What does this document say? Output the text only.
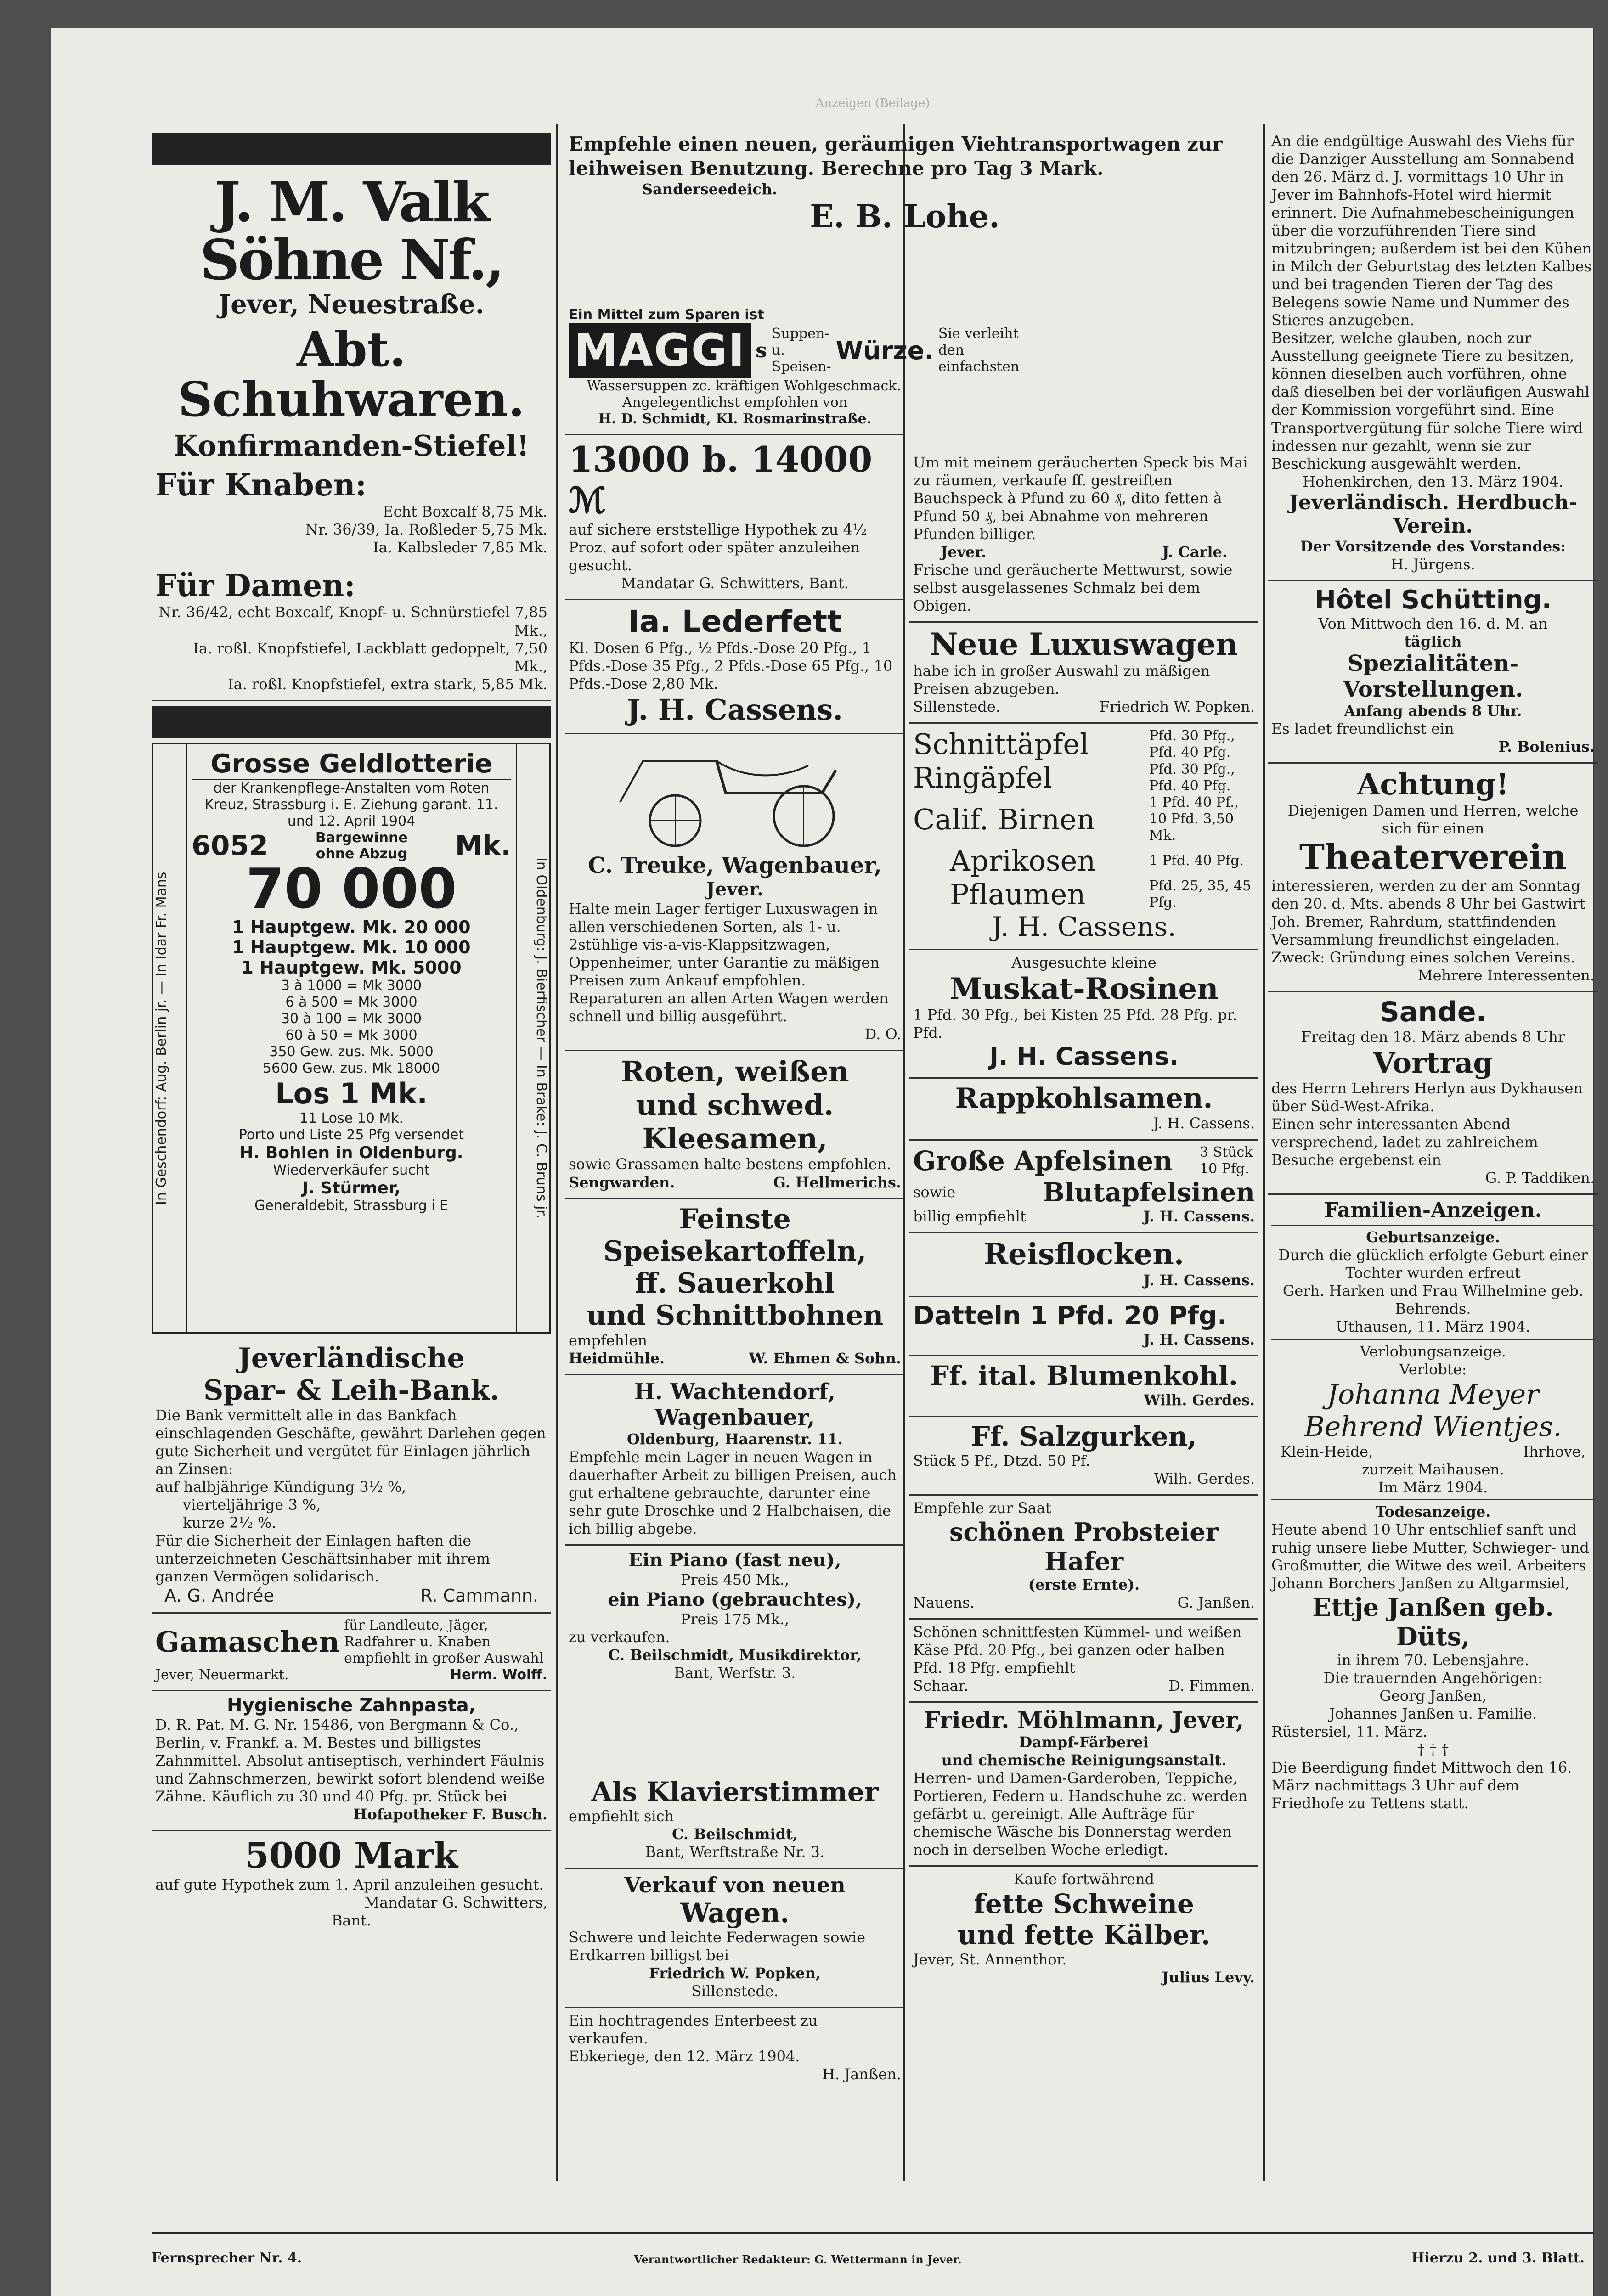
Anzeigen (Beilage)
J. M. Valk Söhne Nf.,
Jever, Neuestraße.
Abt. Schuhwaren.
Konfirmanden-Stiefel!
Für Knaben:
Echt Boxcalf 8,75 Mk.
Nr. 36/39, Ia. Roßleder 5,75 Mk.
Ia. Kalbsleder 7,85 Mk.
Für Damen:
Nr. 36/42, echt Boxcalf, Knopf- u. Schnürstiefel 7,85 Mk.,
Ia. roßl. Knopfstiefel, Lackblatt gedoppelt, 7,50 Mk.,
Ia. roßl. Knopfstiefel, extra stark, 5,85 Mk.
In Geschendorf: Aug. Berlin jr. — In Idar Fr. Mans
Grosse Geldlotterie
der Krankenpflege-Anstalten vom Roten Kreuz, Strassburg i. E. Ziehung garant. 11. und 12. April 1904
6052	Bargewinne ohne Abzug Mk.
70 000
1 Hauptgew. Mk. 20 000
1 Hauptgew. Mk. 10 000
1 Hauptgew. Mk. 5000
3 à 1000 = Mk 3000
6 à 500 = Mk 3000
30 à 100 = Mk 3000
60 à 50 = Mk 3000
350 Gew. zus. Mk. 5000
5600 Gew. zus. Mk 18000
Los 1 Mk.
11 Lose 10 Mk.
Porto und Liste 25 Pfg versendet
H. Bohlen in Oldenburg.
Wiederverkäufer sucht
J. Stürmer,
Generaldebit, Strassburg i E	In Oldenburg: J. Bierfischer — In Brake: J. C. Bruns jr.
Jeverländische
Spar- & Leih-Bank.
Die Bank vermittelt alle in das Bankfach einschlagenden Geschäfte, gewährt Darlehen gegen gute Sicherheit und vergütet für Einlagen jährlich an Zinsen:
auf halbjährige Kündigung 3½ %,
vierteljährige 3 %,
kurze 2½ %.
Für die Sicherheit der Einlagen haften die unterzeichneten Geschäftsinhaber mit ihrem ganzen Vermögen solidarisch.
A. G. Andrée	R. Cammann.
Gamaschen für Landleute, Jäger, Radfahrer u. Knaben empfiehlt in großer Auswahl
Jever, Neuermarkt.	Herm. Wolff.
Hygienische Zahnpasta,
D. R. Pat. M. G. Nr. 15486, von Bergmann & Co., Berlin, v. Frankf. a. M. Bestes und billigstes Zahnmittel. Absolut antiseptisch, verhindert Fäulnis und Zahnschmerzen, bewirkt sofort blendend weiße Zähne. Käuflich zu 30 und 40 Pfg. pr. Stück bei
Hofapotheker F. Busch.
5000 Mark
auf gute Hypothek zum 1. April anzuleihen gesucht.
Mandatar G. Schwitters,
Bant.
Empfehle einen neuen, geräumigen Viehtransportwagen zur leihweisen Benutzung. Berechne pro Tag 3 Mark.
Sanderseedeich.
E. B. Lohe.
Ein Mittel zum Sparen ist
MAGGI s
Suppen- u. Speisen-
Würze.
Sie verleiht den einfachsten
Wassersuppen zc. kräftigen Wohlgeschmack.
Angelegentlichst empfohlen von
H. D. Schmidt, Kl. Rosmarinstraße.
13000 b. 14000 ℳ
auf sichere erststellige Hypothek zu 4½ Proz. auf sofort oder später anzuleihen gesucht.
Mandatar G. Schwitters, Bant.
Ia. Lederfett
Kl. Dosen 6 Pfg., ½ Pfds.-Dose 20 Pfg., 1 Pfds.-Dose 35 Pfg., 2 Pfds.-Dose 65 Pfg., 10 Pfds.-Dose 2,80 Mk.
J. H. Cassens.
C. Treuke, Wagenbauer,
Jever.
Halte mein Lager fertiger Luxuswagen in allen verschiedenen Sorten, als 1- u. 2stühlige vis-a-vis-Klappsitzwagen, Oppenheimer, unter Garantie zu mäßigen Preisen zum Ankauf empfohlen.
Reparaturen an allen Arten Wagen werden schnell und billig ausgeführt.
D. O.
Roten, weißen
und schwed. Kleesamen,
sowie Grassamen halte bestens empfohlen.
Sengwarden.	G. Hellmerichs.
Feinste Speisekartoffeln,
ff. Sauerkohl
und Schnittbohnen
empfehlen
Heidmühle.	W. Ehmen & Sohn.
H. Wachtendorf, Wagenbauer,
Oldenburg, Haarenstr. 11.
Empfehle mein Lager in neuen Wagen in dauerhafter Arbeit zu billigen Preisen, auch gut erhaltene gebrauchte, darunter eine sehr gute Droschke und 2 Halbchaisen, die ich billig abgebe.
Ein Piano (fast neu),
Preis 450 Mk.,
ein Piano (gebrauchtes),
Preis 175 Mk.,
zu verkaufen.
C. Beilschmidt, Musikdirektor,
Bant, Werfstr. 3.
Um mit meinem geräucherten Speck bis Mai zu räumen, verkaufe ff. gestreiften Bauchspeck à Pfund zu 60 ₰, dito fetten à Pfund 50 ₰, bei Abnahme von mehreren Pfunden billiger.
Jever.	J. Carle.
Frische und geräucherte Mettwurst, sowie selbst ausgelassenes Schmalz bei dem Obigen.
Neue Luxuswagen
habe ich in großer Auswahl zu mäßigen Preisen abzugeben.
Sillenstede.	Friedrich W. Popken.
Schnittäpfel	Pfd. 30 Pfg., Pfd. 40 Pfg.
Ringäpfel	Pfd. 30 Pfg., Pfd. 40 Pfg.
Calif. Birnen	1 Pfd. 40 Pf., 10 Pfd. 3,50 Mk.
Aprikosen	1 Pfd. 40 Pfg.
Pflaumen	Pfd. 25, 35, 45 Pfg.
J. H. Cassens.
Ausgesuchte kleine
Muskat-Rosinen
1 Pfd. 30 Pfg., bei Kisten 25 Pfd. 28 Pfg. pr. Pfd.
J. H. Cassens.
Rappkohlsamen.
J. H. Cassens.
Große Apfelsinen 3 Stück 10 Pfg.
sowie	Blutapfelsinen
billig empfiehlt	J. H. Cassens.
Reisflocken.
J. H. Cassens.
Datteln 1 Pfd. 20 Pfg.
J. H. Cassens.
Ff. ital. Blumenkohl.
Wilh. Gerdes.
Ff. Salzgurken,
Stück 5 Pf., Dtzd. 50 Pf.
Wilh. Gerdes.
Empfehle zur Saat
schönen Probsteier Hafer
(erste Ernte).
Nauens.	G. Janßen.
Schönen schnittfesten Kümmel- und weißen Käse Pfd. 20 Pfg., bei ganzen oder halben Pfd. 18 Pfg. empfiehlt
Schaar.	D. Fimmen.
Friedr. Möhlmann, Jever,
Dampf-Färberei
und chemische Reinigungsanstalt.
Herren- und Damen-Garderoben, Teppiche, Portieren, Federn u. Handschuhe zc. werden gefärbt u. gereinigt. Alle Aufträge für chemische Wäsche bis Donnerstag werden noch in derselben Woche erledigt.
Kaufe fortwährend
fette Schweine
und fette Kälber.
Jever, St. Annenthor.
Julius Levy.
An die endgültige Auswahl des Viehs für die Danziger Ausstellung am Sonnabend den 26. März d. J. vormittags 10 Uhr in Jever im Bahnhofs-Hotel wird hiermit erinnert. Die Aufnahmebescheinigungen über die vorzuführenden Tiere sind mitzubringen; außerdem ist bei den Kühen in Milch der Geburtstag des letzten Kalbes und bei tragenden Tieren der Tag des Belegens sowie Name und Nummer des Stieres anzugeben.
Besitzer, welche glauben, noch zur Ausstellung geeignete Tiere zu besitzen, können dieselben auch vorführen, ohne daß dieselben bei der vorläufigen Auswahl der Kommission vorgeführt sind. Eine Transportvergütung für solche Tiere wird indessen nur gezahlt, wenn sie zur Beschickung ausgewählt werden.
Hohenkirchen, den 13. März 1904.
Jeverländisch. Herdbuch-Verein.
Der Vorsitzende des Vorstandes:
H. Jürgens.
Hôtel Schütting.
Von Mittwoch den 16. d. M. an
täglich
Spezialitäten-Vorstellungen.
Anfang abends 8 Uhr.
Es ladet freundlichst ein
P. Bolenius.
Achtung!
Diejenigen Damen und Herren, welche sich für einen
Theaterverein
interessieren, werden zu der am Sonntag den 20. d. Mts. abends 8 Uhr bei Gastwirt Joh. Bremer, Rahrdum, stattfindenden Versammlung freundlichst eingeladen. Zweck: Gründung eines solchen Vereins.
Mehrere Interessenten.
Sande.
Freitag den 18. März abends 8 Uhr
Vortrag
des Herrn Lehrers Herlyn aus Dykhausen über Süd-West-Afrika.
Einen sehr interessanten Abend versprechend, ladet zu zahlreichem Besuche ergebenst ein
G. P. Taddiken.
Familien-Anzeigen.
Geburtsanzeige.
Durch die glücklich erfolgte Geburt einer Tochter wurden erfreut
Gerh. Harken und Frau Wilhelmine geb. Behrends.
Uthausen, 11. März 1904.
Verlobungsanzeige.
Verlobte:
Johanna Meyer
Behrend Wientjes.
Klein-Heide,	Ihrhove,
zurzeit Maihausen.
Im März 1904.
Todesanzeige.
Heute abend 10 Uhr entschlief sanft und ruhig unsere liebe Mutter, Schwieger- und Großmutter, die Witwe des weil. Arbeiters Johann Borchers Janßen zu Altgarmsiel,
Ettje Janßen geb. Düts,
in ihrem 70. Lebensjahre.
Die trauernden Angehörigen:
Georg Janßen,
Johannes Janßen u. Familie.
Rüstersiel, 11. März.
† † †
Die Beerdigung findet Mittwoch den 16. März nachmittags 3 Uhr auf dem Friedhofe zu Tettens statt.
Als Klavierstimmer
empfiehlt sich
C. Beilschmidt,
Bant, Werftstraße Nr. 3.
Verkauf von neuen
Wagen.
Schwere und leichte Federwagen sowie Erdkarren billigst bei
Friedrich W. Popken,
Sillenstede.
Ein hochtragendes Enterbeest zu verkaufen.
Ebkeriege, den 12. März 1904.
H. Janßen.
Fernsprecher Nr. 4.	Verantwortlicher Redakteur: G. Wettermann in Jever.	Hierzu 2. und 3. Blatt.
